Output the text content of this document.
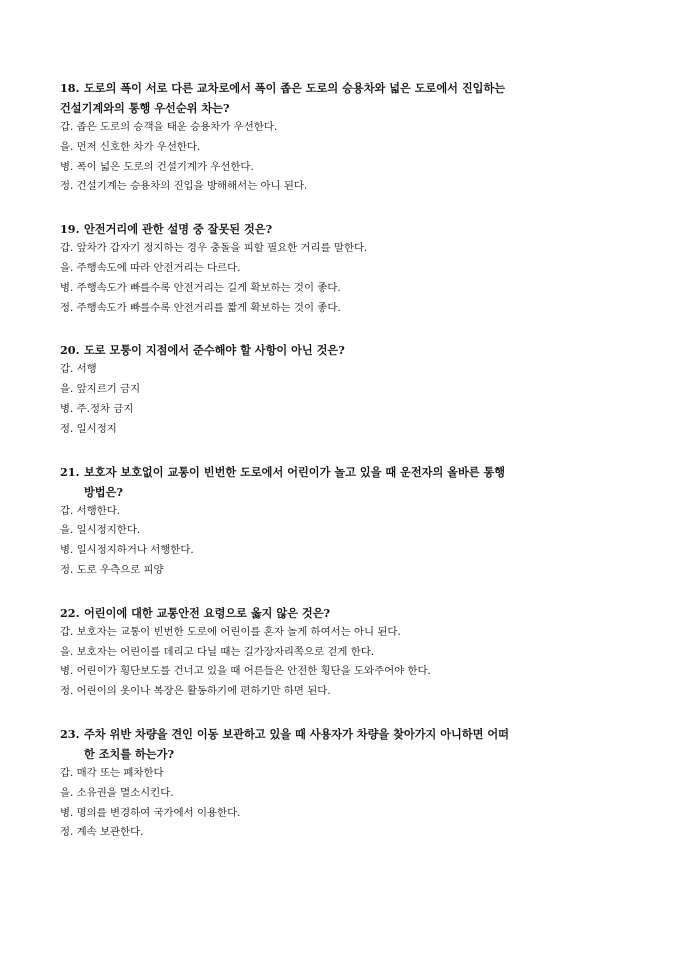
18. 도로의 폭이 서로 다른 교차로에서 폭이 좁은 도로의 승용차와 넓은 도로에서 진입하는
건설기계와의 통행 우선순위 차는?
갑. 좁은 도로의 승객을 태운 승용차가 우선한다.
을. 먼저 신호한 차가 우선한다.
병. 폭이 넓은 도로의 건설기계가 우선한다.
정. 건설기계는 승용차의 진입을 방해해서는 아니 된다.
19. 안전거리에 관한 설명 중 잘못된 것은?
갑. 앞차가 갑자기 정지하는 경우 충돌을 피할 필요한 거리를 말한다.
을. 주행속도에 따라 안전거리는 다르다.
병. 주행속도가 빠를수록 안전거리는 길게 확보하는 것이 좋다.
정. 주행속도가 빠를수록 안전거리를 짧게 확보하는 것이 좋다.
20. 도로 모퉁이 지점에서 준수해야 할 사항이 아닌 것은?
갑. 서행
을. 앞지르기 금지
병. 주.정차 금지
정. 일시정지
21. 보호자 보호없이 교통이 빈번한 도로에서 어린이가 놀고 있을 때 운전자의 올바른 통행
방법은?
갑. 서행한다.
을. 일시정지한다.
병. 일시정지하거나 서행한다.
정. 도로 우측으로 피양
22. 어린이에 대한 교통안전 요령으로 옳지 않은 것은?
갑. 보호자는 교통이 빈번한 도로에 어린이를 혼자 놀게 하여서는 아니 된다.
을. 보호자는 어린이를 데리고 다닐 때는 길가장자리쪽으로 걷게 한다.
병. 어린이가 횡단보도를 건너고 있을 때 어른들은 안전한 횡단을 도와주어야 한다.
정. 어린이의 옷이나 복장은 활동하기에 편하기만 하면 된다.
23. 주차 위반 차량을 견인 이동 보관하고 있을 때 사용자가 차량을 찾아가지 아니하면 어떠
한 조치를 하는가?
갑. 매각 또는 폐차한다
을. 소유권을 멸소시킨다.
병. 명의를 변경하여 국가에서 이용한다.
정. 계속 보관한다.
